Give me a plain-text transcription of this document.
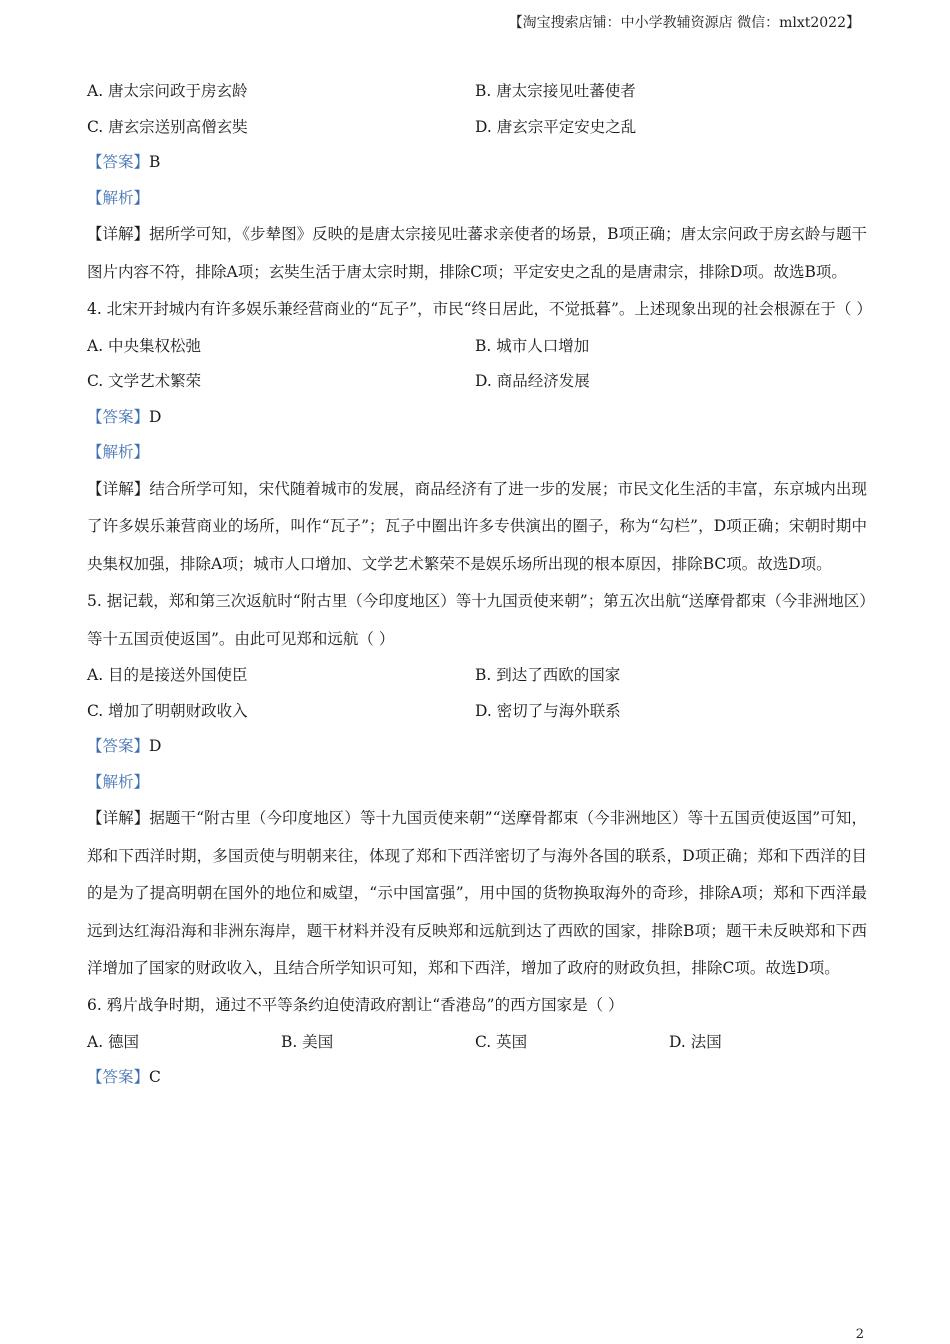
【淘宝搜索店铺：中小学教辅资源店 微信：mlxt2022】
A. 唐太宗问政于房玄龄	B. 唐太宗接见吐蕃使者
C. 唐玄宗送别高僧玄奘	D. 唐玄宗平定安史之乱
【答案】B
【解析】
【详解】据所学可知，《步辇图》反映的是唐太宗接见吐蕃求亲使者的场景，B项正确；唐太宗问政于房玄龄与题干图片内容不符，排除A项；玄奘生活于唐太宗时期，排除C项；平定安史之乱的是唐肃宗，排除D项。故选B项。
4. 北宋开封城内有许多娱乐兼经营商业的“瓦子”，市民“终日居此，不觉抵暮”。上述现象出现的社会根源在于（ ）
A. 中央集权松弛	B. 城市人口增加
C. 文学艺术繁荣	D. 商品经济发展
【答案】D
【解析】
【详解】结合所学可知，宋代随着城市的发展，商品经济有了进一步的发展；市民文化生活的丰富，东京城内出现了许多娱乐兼营商业的场所，叫作“瓦子”；瓦子中圈出许多专供演出的圈子，称为“勾栏”，D项正确；宋朝时期中央集权加强，排除A项；城市人口增加、文学艺术繁荣不是娱乐场所出现的根本原因，排除BC项。故选D项。
5. 据记载，郑和第三次返航时“附古里（今印度地区）等十九国贡使来朝”；第五次出航“送摩骨都束（今非洲地区）等十五国贡使返国”。由此可见郑和远航（ ）
A. 目的是接送外国使臣	B. 到达了西欧的国家
C. 增加了明朝财政收入	D. 密切了与海外联系
【答案】D
【解析】
【详解】据题干“附古里（今印度地区）等十九国贡使来朝”“送摩骨都束（今非洲地区）等十五国贡使返国”可知，郑和下西洋时期，多国贡使与明朝来往，体现了郑和下西洋密切了与海外各国的联系，D项正确；郑和下西洋的目的是为了提高明朝在国外的地位和威望，“示中国富强”，用中国的货物换取海外的奇珍，排除A项；郑和下西洋最远到达红海沿海和非洲东海岸，题干材料并没有反映郑和远航到达了西欧的国家，排除B项；题干未反映郑和下西洋增加了国家的财政收入，且结合所学知识可知，郑和下西洋，增加了政府的财政负担，排除C项。故选D项。
6. 鸦片战争时期，通过不平等条约迫使清政府割让“香港岛”的西方国家是（ ）
A. 德国	B. 美国	C. 英国	D. 法国
【答案】C
2
